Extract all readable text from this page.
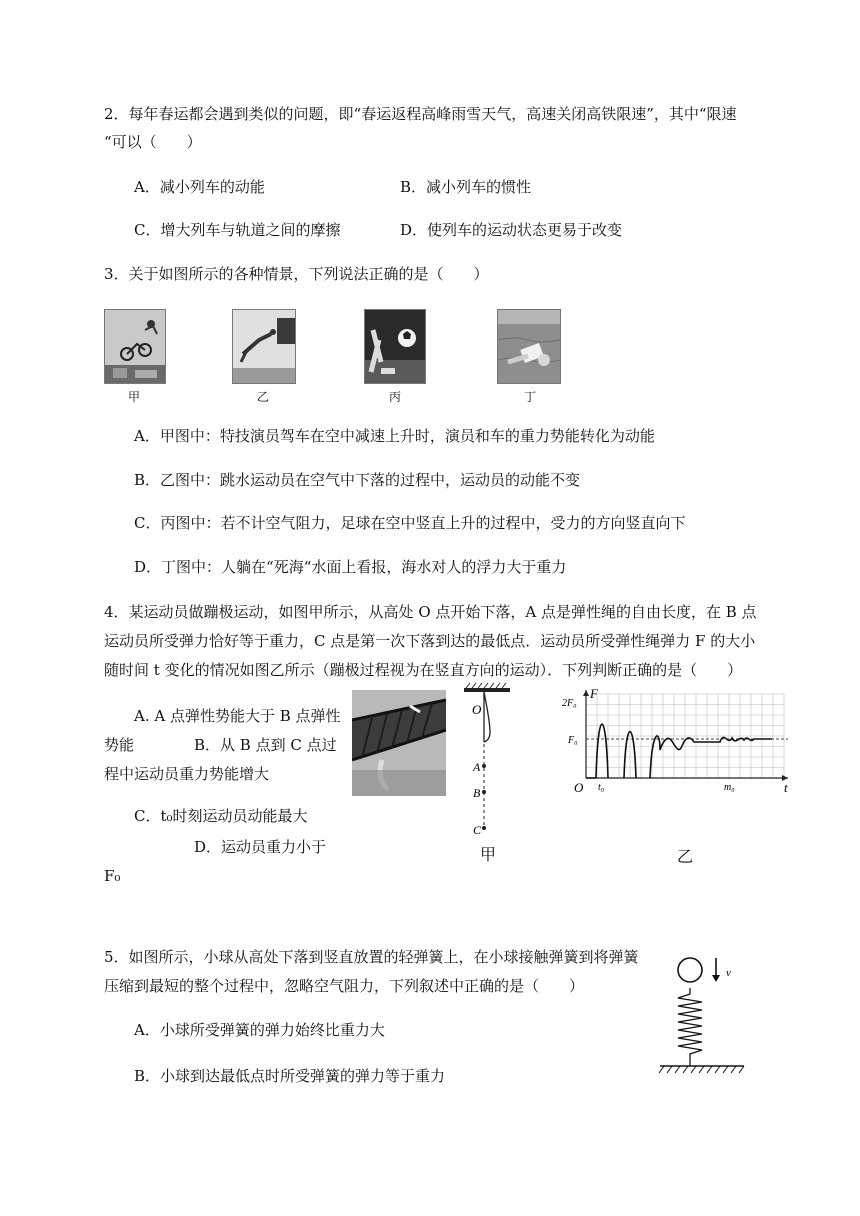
2．每年春运都会遇到类似的问题，即“春运返程高峰雨雪天气，高速关闭高铁限速”，其中“限速
“可以（　　）
A．减小列车的动能	B．减小列车的惯性
C．增大列车与轨道之间的摩擦	D．使列车的运动状态更易于改变
3．关于如图所示的各种情景，下列说法正确的是（　　）
甲	乙	丙	丁
A．甲图中：特技演员驾车在空中减速上升时，演员和车的重力势能转化为动能
B．乙图中：跳水运动员在空气中下落的过程中，运动员的动能不变
C．丙图中：若不计空气阻力，足球在空中竖直上升的过程中，受力的方向竖直向下
D．丁图中：人躺在“死海“水面上看报，海水对人的浮力大于重力
4．某运动员做蹦极运动，如图甲所示，从高处 O 点开始下落，A 点是弹性绳的自由长度，在 B 点
运动员所受弹力恰好等于重力，C 点是第一次下落到达的最低点．运动员所受弹性绳弹力 F 的大小
随时间 t 变化的情况如图乙所示（蹦极过程视为在竖直方向的运动）．下列判断正确的是（　　）
A. A 点弹性势能大于 B 点弹性
势能	B．从 B 点到 C 点过
程中运动员重力势能增大
C．t₀时刻运动员动能最大
D．运动员重力小于
F₀
O
A
B
C
甲
F
t
O
2F₀
F₀
t₀	m₀
乙
5．如图所示，小球从高处下落到竖直放置的轻弹簧上，在小球接触弹簧到将弹簧
压缩到最短的整个过程中，忽略空气阻力，下列叙述中正确的是（　　）
A．小球所受弹簧的弹力始终比重力大
B．小球到达最低点时所受弹簧的弹力等于重力
v
